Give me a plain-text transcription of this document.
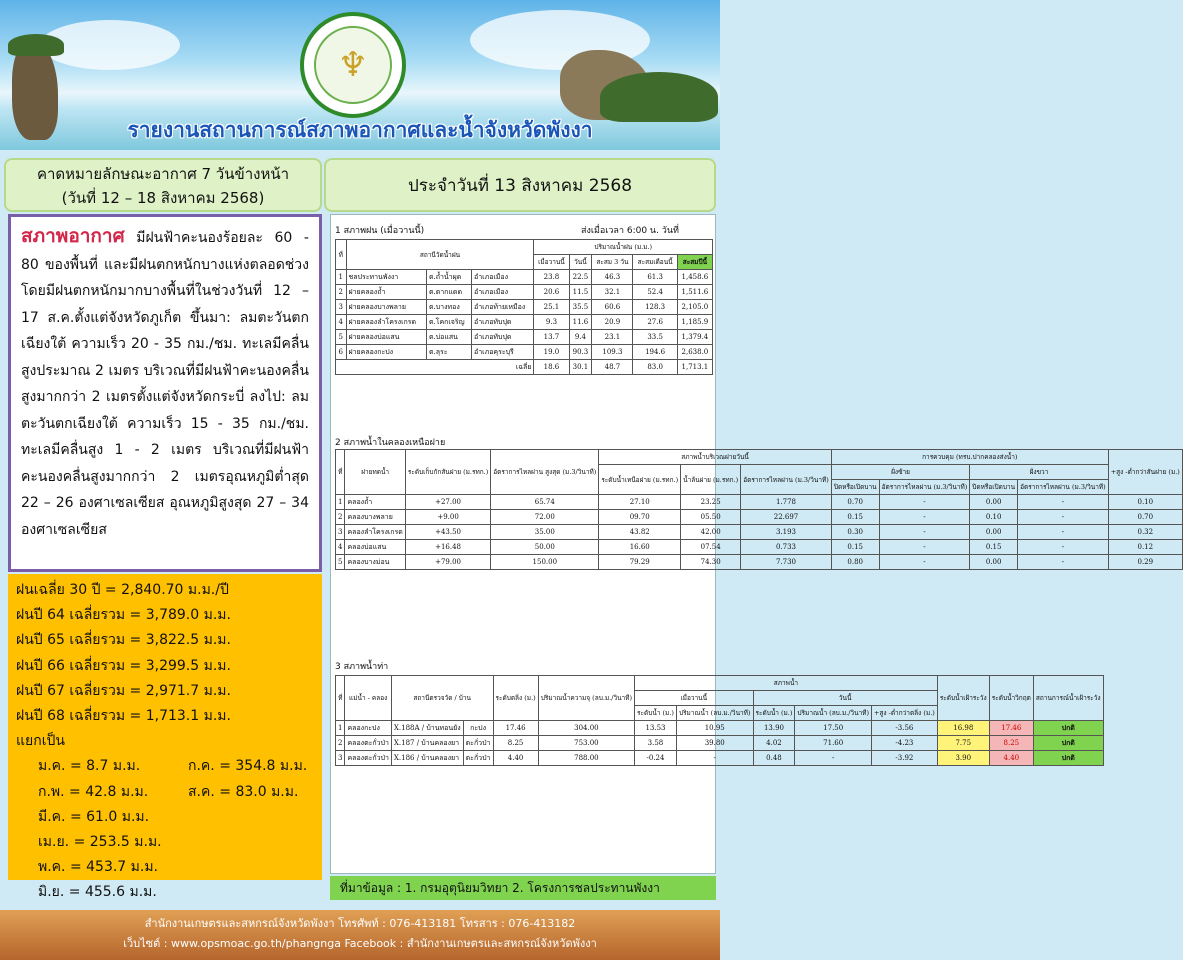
♆
รายงานสถานการณ์สภาพอากาศและน้ำจังหวัดพังงา
คาดหมายลักษณะอากาศ 7 วันข้างหน้า
(วันที่ 12 – 18 สิงหาคม 2568)
ประจำวันที่ 13 สิงหาคม 2568
สภาพอากาศ มีฝนฟ้าคะนองร้อยละ 60 - 80 ของพื้นที่ และมีฝนตกหนักบางแห่งตลอดช่วงโดยมีฝนตกหนักมากบางพื้นที่ในช่วงวันที่ 12 – 17 ส.ค.ตั้งแต่จังหวัดภูเก็ต ขึ้นมา: ลมตะวันตกเฉียงใต้ ความเร็ว 20 - 35 กม./ชม. ทะเลมีคลื่นสูงประมาณ 2 เมตร บริเวณที่มีฝนฟ้าคะนองคลื่นสูงมากกว่า 2 เมตรตั้งแต่จังหวัดกระบี่ ลงไป: ลมตะวันตกเฉียงใต้ ความเร็ว 15 - 35 กม./ชม. ทะเลมีคลื่นสูง 1 - 2 เมตร บริเวณที่มีฝนฟ้าคะนองคลื่นสูงมากกว่า 2 เมตรอุณหภูมิต่ำสุด 22 – 26 องศาเซลเซียส อุณหภูมิสูงสุด 27 – 34 องศาเซลเซียส
ฝนเฉลี่ย 30 ปี = 2,840.70 ม.ม./ปี
ฝนปี 64 เฉลี่ยรวม = 3,789.0 ม.ม.
ฝนปี 65 เฉลี่ยรวม = 3,822.5 ม.ม.
ฝนปี 66 เฉลี่ยรวม = 3,299.5 ม.ม.
ฝนปี 67 เฉลี่ยรวม = 2,971.7 ม.ม.
ฝนปี 68 เฉลี่ยรวม = 1,713.1 ม.ม.
แยกเป็น
ม.ค. = 8.7 ม.ม.	ก.ค. = 354.8 ม.ม.
ก.พ. = 42.8 ม.ม.	ส.ค. = 83.0 ม.ม.
มี.ค. = 61.0 ม.ม.
เม.ย. = 253.5 ม.ม.
พ.ค. = 453.7 ม.ม.
มิ.ย. = 455.6 ม.ม.
1 สภาพฝน (เมื่อวานนี้)	ส่งเมื่อเวลา 6:00 น. วันที่
ที่	สถานีวัดน้ำฝน			ปริมาณน้ำฝน (ม.ม.)				
				เมื่อวานนี้	วันนี้	สะสม 3 วัน	สะสมเดือนนี้	สะสมปีนี้
1	ชลประทานพังงา	ต.ถ้ำน้ำผุด	อำเภอเมือง	23.8	22.5	46.3	61.3	1,458.6
2	ฝายคลองถ้ำ	ต.ตากแดด	อำเภอเมือง	20.6	11.5	32.1	52.4	1,511.6
3	ฝายคลองบางพลาย	ต.บางทอง	อำเภอท้ายเหมือง	25.1	35.5	60.6	128.3	2,105.0
4	ฝายคลองลำโครงเกรด	ต.โคกเจริญ	อำเภอทับปุด	9.3	11.6	20.9	27.6	1,185.9
5	ฝายคลองบ่อแสน	ต.บ่อแสน	อำเภอทับปุด	13.7	9.4	23.1	33.5	1,379.4
6	ฝายคลองกะปง	ต.ลุระ	อำเภอคุระบุรี	19.0	90.3	109.3	194.6	2,638.0
เฉลี่ย				18.6	30.1	48.7	83.0	1,713.1
2 สภาพน้ำในคลองเหนือฝาย
ที่	ฝายทดน้ำ	ระดับเก็บกักสันฝาย (ม.รทก.)	อัตราการไหลผ่าน สูงสุด (ม.3/วินาที)	สภาพน้ำบริเวณฝายวันนี้			การควบคุม (ทรบ.ปากคลองส่งน้ำ)				+สูง -ต่ำกว่าสันฝาย (ม.)
				ระดับน้ำเหนือฝาย (ม.รทก.)	น้ำล้นฝาย (ม.รทก.)	อัตราการไหลผ่าน (ม.3/วินาที)	ฝั่งซ้าย		ฝั่งขวา		
							ปิดหรือเปิดบาน	อัตราการไหลผ่าน (ม.3/วินาที)	ปิดหรือเปิดบาน	อัตราการไหลผ่าน (ม.3/วินาที)	
1	คลองถ้ำ	+27.00	65.74	27.10	23.25	1.778	0.70	-	0.00	-	0.10
2	คลองบางพลาย	+9.00	72.00	09.70	05.50	22.697	0.15	-	0.10	-	0.70
3	คลองลำโครงเกรด	+43.50	35.00	43.82	42.00	3.193	0.30	-	0.00	-	0.32
4	คลองบ่อแสน	+16.48	50.00	16.60	07.54	0.733	0.15	-	0.15	-	0.12
5	คลองบางม่อน	+79.00	150.00	79.29	74.30	7.730	0.80	-	0.00	-	0.29
3 สภาพน้ำท่า
ที่	แม่น้ำ - คลอง	สถานีตรวจวัด / บ้าน		ระดับตลิ่ง (ม.)	ปริมาณน้ำความจุ (ลบ.ม./วินาที)	สภาพน้ำ					ระดับน้ำเฝ้าระวัง	ระดับน้ำวิกฤต	สถานการณ์น้ำเฝ้าระวัง
						เมื่อวานนี้		วันนี้					
						ระดับน้ำ (ม.)	ปริมาณน้ำ (ลบ.ม./วินาที)	ระดับน้ำ (ม.)	ปริมาณน้ำ (ลบ.ม./วินาที)	+สูง -ต่ำกว่าตลิ่ง (ม.)			
1	คลองกะปง	X.188A / บ้านทอนยัง	กะปง	17.46	304.00	13.53	10.95	13.90	17.50	-3.56	16.98	17.46	ปกติ
2	คลองตะกั่วป่า	X.187 / บ้านคลองยา	ตะกั่วป่า	8.25	753.00	3.58	39.80	4.02	71.60	-4.23	7.75	8.25	ปกติ
3	คลองตะกั่วป่า	X.186 / บ้านคลองยา	ตะกั่วป่า	4.40	788.00	-0.24	-	0.48	-	-3.92	3.90	4.40	ปกติ
ที่มาข้อมูล : 1. กรมอุตุนิยมวิทยา 2. โครงการชลประทานพังงา
สำนักงานเกษตรและสหกรณ์จังหวัดพังงา โทรศัพท์ : 076-413181 โทรสาร : 076-413182
เว็บไซต์ : www.opsmoac.go.th/phangnga Facebook : สำนักงานเกษตรและสหกรณ์จังหวัดพังงา
